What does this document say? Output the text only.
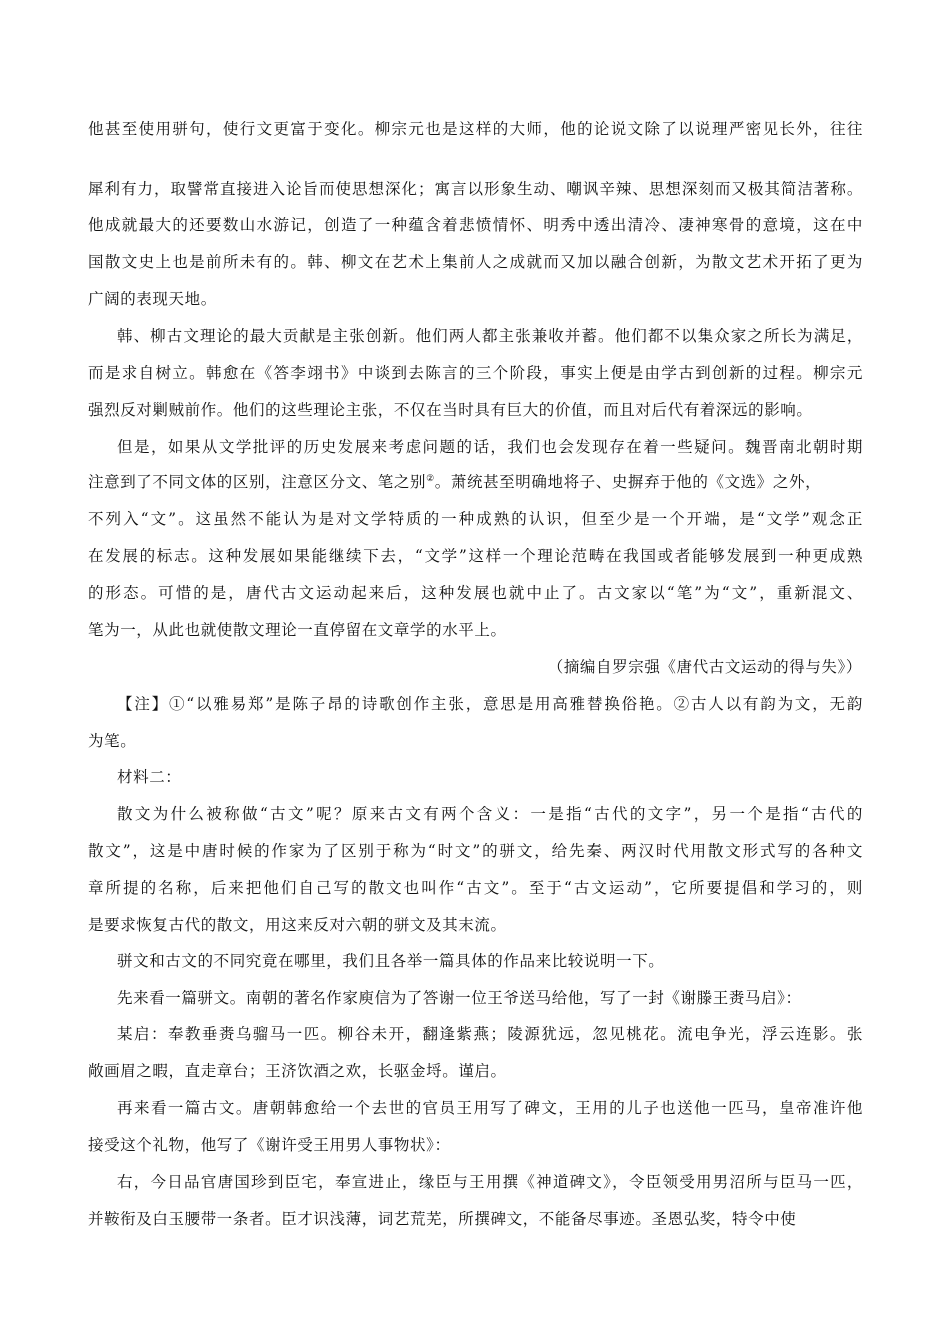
他甚至使用骈句，使行文更富于变化。柳宗元也是这样的大师，他的论说文除了以说理严密见长外，往往
犀利有力，取譬常直接进入论旨而使思想深化；寓言以形象生动、嘲讽辛辣、思想深刻而又极其简洁著称。
他成就最大的还要数山水游记，创造了一种蕴含着悲愤情怀、明秀中透出清冷、凄神寒骨的意境，这在中
国散文史上也是前所未有的。韩、柳文在艺术上集前人之成就而又加以融合创新，为散文艺术开拓了更为
广阔的表现天地。
韩、柳古文理论的最大贡献是主张创新。他们两人都主张兼收并蓄。他们都不以集众家之所长为满足，
而是求自树立。韩愈在《答李翊书》中谈到去陈言的三个阶段，事实上便是由学古到创新的过程。柳宗元
强烈反对剿贼前作。他们的这些理论主张，不仅在当时具有巨大的价值，而且对后代有着深远的影响。
但是，如果从文学批评的历史发展来考虑问题的话，我们也会发现存在着一些疑问。魏晋南北朝时期
注意到了不同文体的区别，注意区分文、笔之别②。萧统甚至明确地将子、史摒弃于他的《文选》之外，
不列入“文”。这虽然不能认为是对文学特质的一种成熟的认识，但至少是一个开端，是“文学”观念正
在发展的标志。这种发展如果能继续下去，“文学”这样一个理论范畴在我国或者能够发展到一种更成熟
的形态。可惜的是，唐代古文运动起来后，这种发展也就中止了。古文家以“笔”为“文”，重新混文、
笔为一，从此也就使散文理论一直停留在文章学的水平上。
（摘编自罗宗强《唐代古文运动的得与失》）
【注】①“以雅易郑”是陈子昂的诗歌创作主张，意思是用高雅替换俗艳。②古人以有韵为文，无韵
为笔。
材料二：
散文为什么被称做“古文”呢？原来古文有两个含义：一是指“古代的文字”，另一个是指“古代的
散文”，这是中唐时候的作家为了区别于称为“时文”的骈文，给先秦、两汉时代用散文形式写的各种文
章所提的名称，后来把他们自己写的散文也叫作“古文”。至于“古文运动”，它所要提倡和学习的，则
是要求恢复古代的散文，用这来反对六朝的骈文及其末流。
骈文和古文的不同究竟在哪里，我们且各举一篇具体的作品来比较说明一下。
先来看一篇骈文。南朝的著名作家庾信为了答谢一位王爷送马给他，写了一封《谢滕王赉马启》：
某启：奉教垂赉乌骝马一匹。柳谷未开，翻逢紫燕；陵源犹远，忽见桃花。流电争光，浮云连影。张
敞画眉之暇，直走章台；王济饮酒之欢，长驱金埒。谨启。
再来看一篇古文。唐朝韩愈给一个去世的官员王用写了碑文，王用的儿子也送他一匹马，皇帝准许他
接受这个礼物，他写了《谢许受王用男人事物状》：
右，今日品官唐国珍到臣宅，奉宣进止，缘臣与王用撰《神道碑文》，令臣领受用男沼所与臣马一匹，
并鞍衔及白玉腰带一条者。臣才识浅薄，词艺荒芜，所撰碑文，不能备尽事迹。圣恩弘奖，特令中使
